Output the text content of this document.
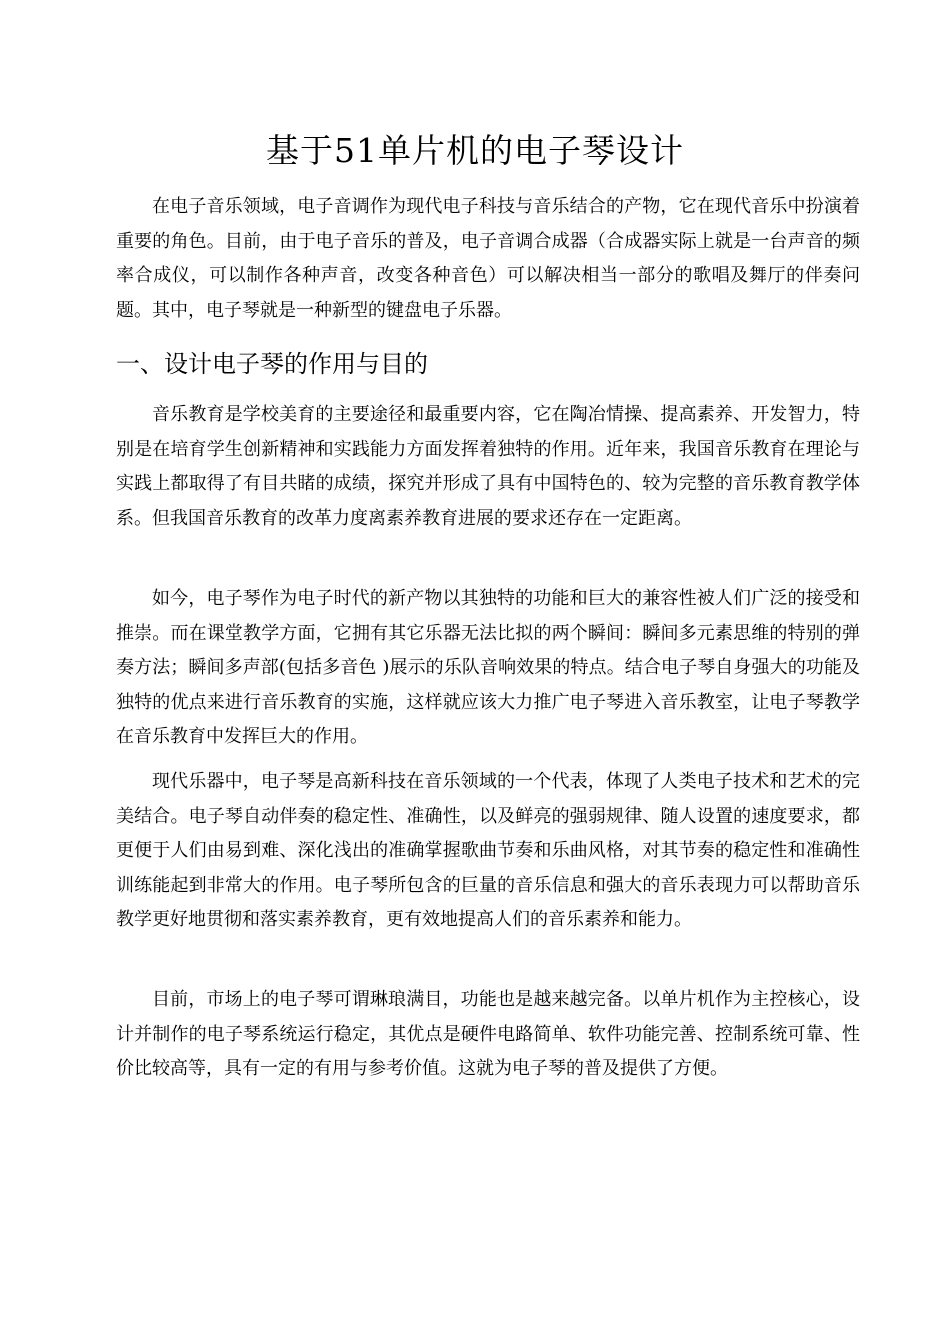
基于51单片机的电子琴设计

在电子音乐领域，电子音调作为现代电子科技与音乐结合的产物，它在现代音乐中扮演着重要的角色。目前，由于电子音乐的普及，电子音调合成器（合成器实际上就是一台声音的频率合成仪，可以制作各种声音，改变各种音色）可以解决相当一部分的歌唱及舞厅的伴奏问题。其中，电子琴就是一种新型的键盘电子乐器。

一、设计电子琴的作用与目的

音乐教育是学校美育的主要途径和最重要内容，它在陶冶情操、提高素养、开发智力，特别是在培育学生创新精神和实践能力方面发挥着独特的作用。近年来，我国音乐教育在理论与实践上都取得了有目共睹的成绩，探究并形成了具有中国特色的、较为完整的音乐教育教学体系。但我国音乐教育的改革力度离素养教育进展的要求还存在一定距离。

如今，电子琴作为电子时代的新产物以其独特的功能和巨大的兼容性被人们广泛的接受和推崇。而在课堂教学方面，它拥有其它乐器无法比拟的两个瞬间：瞬间多元素思维的特别的弹奏方法；瞬间多声部(包括多音色 )展示的乐队音响效果的特点。结合电子琴自身强大的功能及独特的优点来进行音乐教育的实施，这样就应该大力推广电子琴进入音乐教室，让电子琴教学在音乐教育中发挥巨大的作用。

现代乐器中，电子琴是高新科技在音乐领域的一个代表，体现了人类电子技术和艺术的完美结合。电子琴自动伴奏的稳定性、准确性，以及鲜亮的强弱规律、随人设置的速度要求，都更便于人们由易到难、深化浅出的准确掌握歌曲节奏和乐曲风格，对其节奏的稳定性和准确性训练能起到非常大的作用。电子琴所包含的巨量的音乐信息和强大的音乐表现力可以帮助音乐教学更好地贯彻和落实素养教育，更有效地提高人们的音乐素养和能力。

目前，市场上的电子琴可谓琳琅满目，功能也是越来越完备。以单片机作为主控核心，设计并制作的电子琴系统运行稳定，其优点是硬件电路简单、软件功能完善、控制系统可靠、性价比较高等，具有一定的有用与参考价值。这就为电子琴的普及提供了方便。
